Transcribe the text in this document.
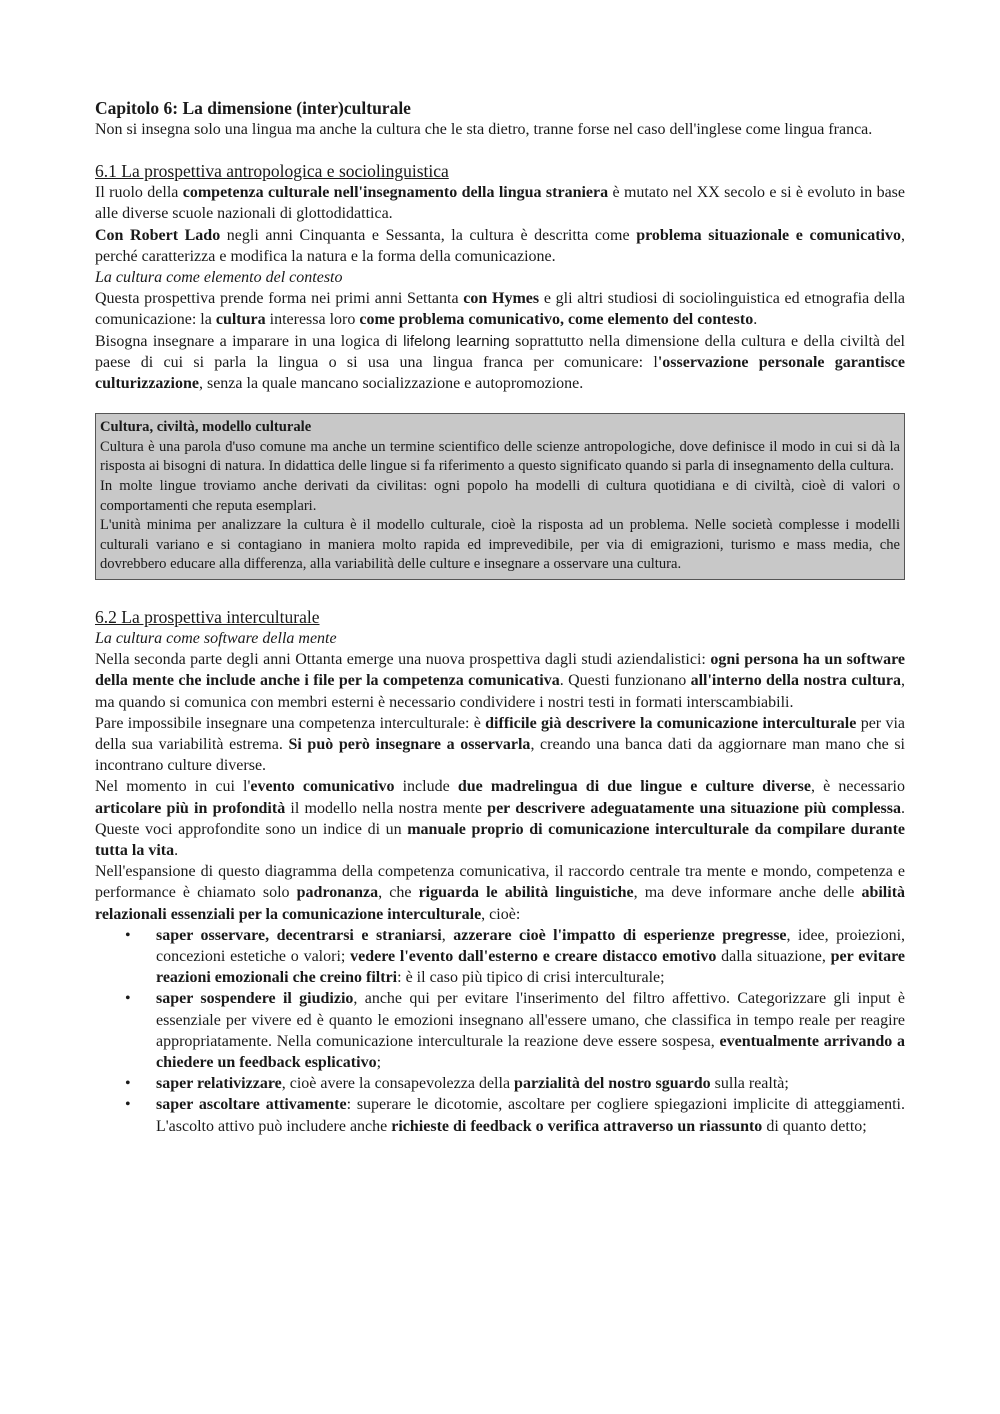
Capitolo 6: La dimensione (inter)culturale

Non si insegna solo una lingua ma anche la cultura che le sta dietro, tranne forse nel caso dell'inglese come lingua franca.

6.1 La prospettiva antropologica e sociolinguistica

Il ruolo della competenza culturale nell'insegnamento della lingua straniera è mutato nel XX secolo e si è evoluto in base alle diverse scuole nazionali di glottodidattica.

Con Robert Lado negli anni Cinquanta e Sessanta, la cultura è descritta come problema situazionale e comunicativo, perché caratterizza e modifica la natura e la forma della comunicazione.

La cultura come elemento del contesto

Questa prospettiva prende forma nei primi anni Settanta con Hymes e gli altri studiosi di sociolinguistica ed etnografia della comunicazione: la cultura interessa loro come problema comunicativo, come elemento del contesto.

Bisogna insegnare a imparare in una logica di lifelong learning soprattutto nella dimensione della cultura e della civiltà del paese di cui si parla la lingua o si usa una lingua franca per comunicare: l'osservazione personale garantisce culturizzazione, senza la quale mancano socializzazione e autopromozione.

Cultura, civiltà, modello culturale

Cultura è una parola d'uso comune ma anche un termine scientifico delle scienze antropologiche, dove definisce il modo in cui si dà la risposta ai bisogni di natura. In didattica delle lingue si fa riferimento a questo significato quando si parla di insegnamento della cultura.

In molte lingue troviamo anche derivati da civilitas: ogni popolo ha modelli di cultura quotidiana e di civiltà, cioè di valori o comportamenti che reputa esemplari.

L'unità minima per analizzare la cultura è il modello culturale, cioè la risposta ad un problema. Nelle società complesse i modelli culturali variano e si contagiano in maniera molto rapida ed imprevedibile, per via di emigrazioni, turismo e mass media, che dovrebbero educare alla differenza, alla variabilità delle culture e insegnare a osservare una cultura.

6.2 La prospettiva interculturale

La cultura come software della mente

Nella seconda parte degli anni Ottanta emerge una nuova prospettiva dagli studi aziendalistici: ogni persona ha un software della mente che include anche i file per la competenza comunicativa. Questi funzionano all'interno della nostra cultura, ma quando si comunica con membri esterni è necessario condividere i nostri testi in formati interscambiabili.

Pare impossibile insegnare una competenza interculturale: è difficile già descrivere la comunicazione interculturale per via della sua variabilità estrema. Si può però insegnare a osservarla, creando una banca dati da aggiornare man mano che si incontrano culture diverse.

Nel momento in cui l'evento comunicativo include due madrelingua di due lingue e culture diverse, è necessario articolare più in profondità il modello nella nostra mente per descrivere adeguatamente una situazione più complessa. Queste voci approfondite sono un indice di un manuale proprio di comunicazione interculturale da compilare durante tutta la vita.

Nell'espansione di questo diagramma della competenza comunicativa, il raccordo centrale tra mente e mondo, competenza e performance è chiamato solo padronanza, che riguarda le abilità linguistiche, ma deve informare anche delle abilità relazionali essenziali per la comunicazione interculturale, cioè:

• saper osservare, decentrarsi e straniarsi, azzerare cioè l'impatto di esperienze pregresse, idee, proiezioni, concezioni estetiche o valori; vedere l'evento dall'esterno e creare distacco emotivo dalla situazione, per evitare reazioni emozionali che creino filtri: è il caso più tipico di crisi interculturale;
• saper sospendere il giudizio, anche qui per evitare l'inserimento del filtro affettivo. Categorizzare gli input è essenziale per vivere ed è quanto le emozioni insegnano all'essere umano, che classifica in tempo reale per reagire appropriatamente. Nella comunicazione interculturale la reazione deve essere sospesa, eventualmente arrivando a chiedere un feedback esplicativo;
• saper relativizzare, cioè avere la consapevolezza della parzialità del nostro sguardo sulla realtà;
• saper ascoltare attivamente: superare le dicotomie, ascoltare per cogliere spiegazioni implicite di atteggiamenti. L'ascolto attivo può includere anche richieste di feedback o verifica attraverso un riassunto di quanto detto;
